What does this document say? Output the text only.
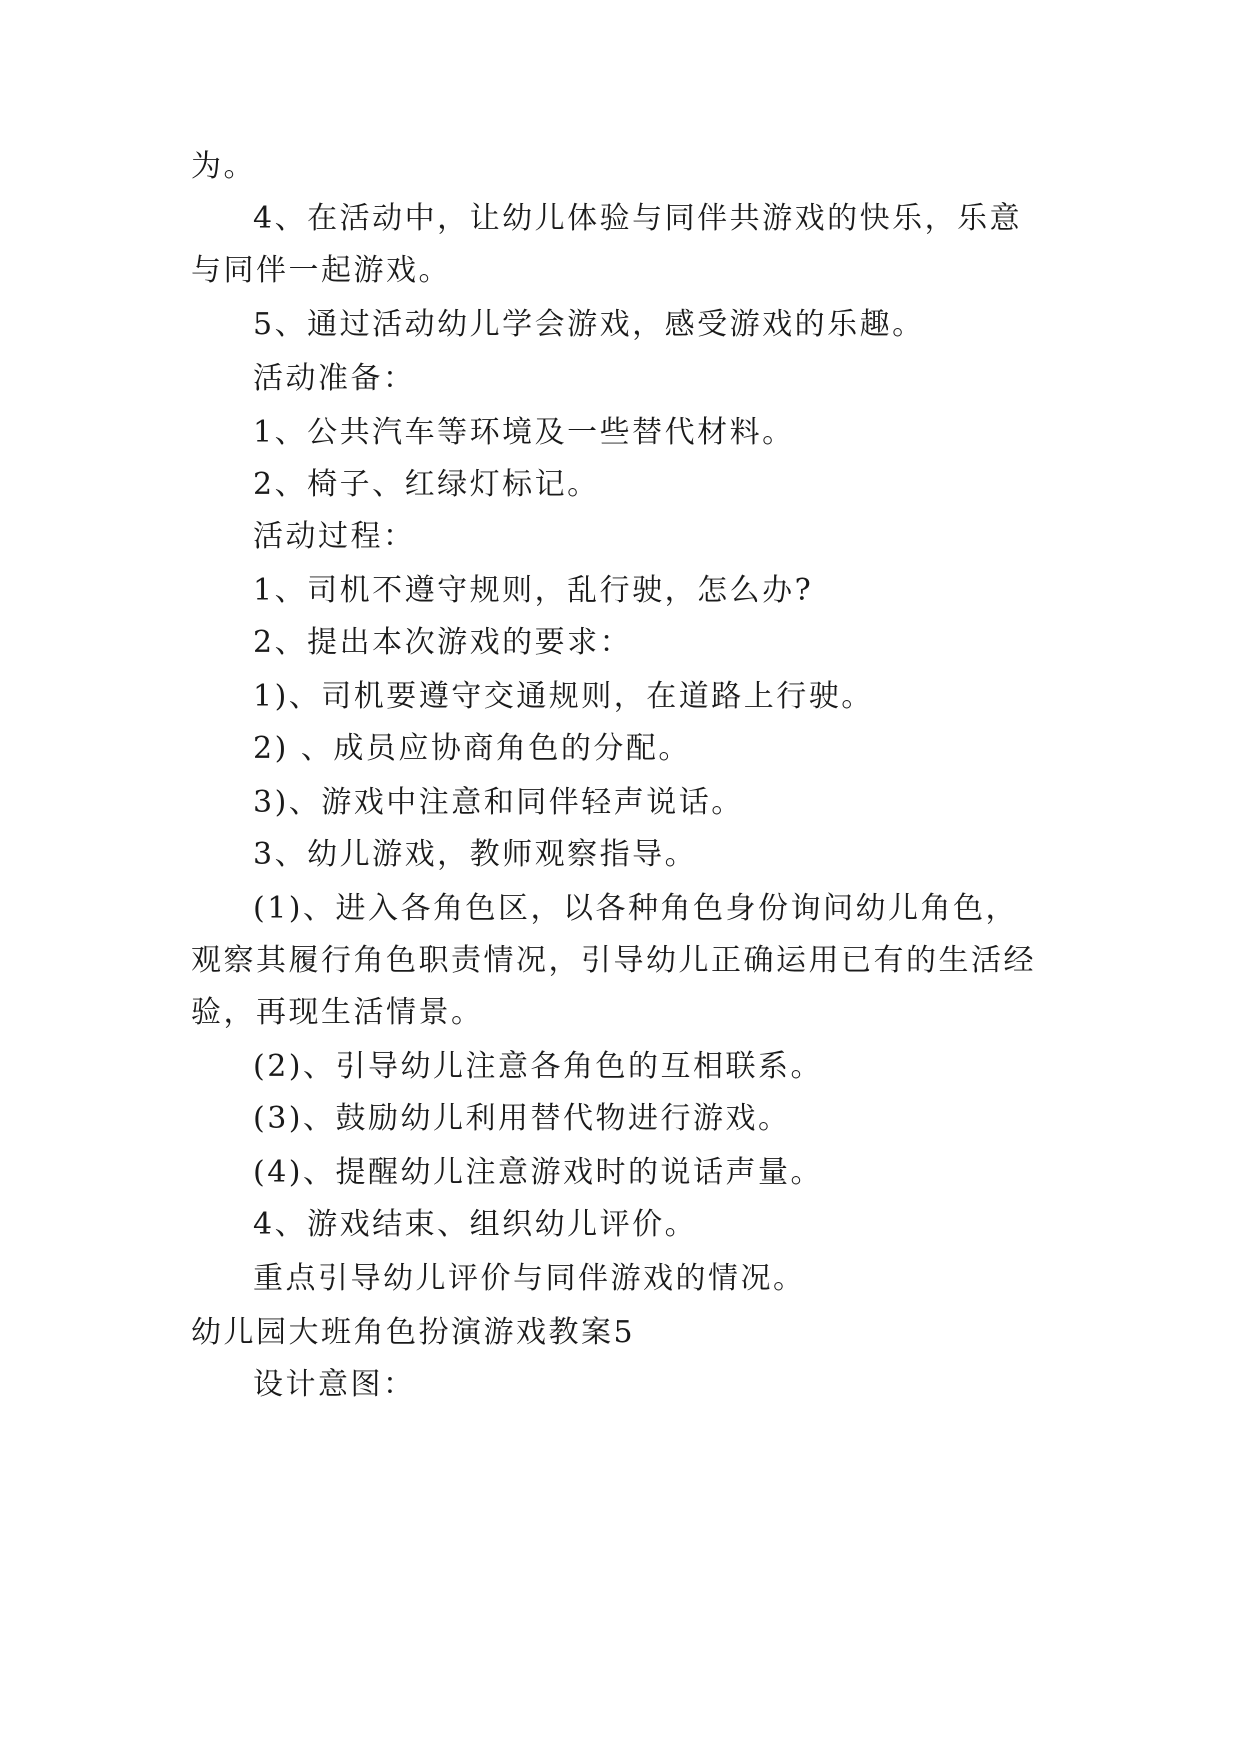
为。

4、在活动中，让幼儿体验与同伴共游戏的快乐，乐意

与同伴一起游戏。

5、通过活动幼儿学会游戏，感受游戏的乐趣。

活动准备：

1、公共汽车等环境及一些替代材料。

2、椅子、红绿灯标记。

活动过程：

1、司机不遵守规则，乱行驶，怎么办?

2、提出本次游戏的要求：

1)、司机要遵守交通规则，在道路上行驶。

2) 、成员应协商角色的分配。

3)、游戏中注意和同伴轻声说话。

3、幼儿游戏，教师观察指导。

(1)、进入各角色区，以各种角色身份询问幼儿角色，

观察其履行角色职责情况，引导幼儿正确运用已有的生活经

验，再现生活情景。

(2)、引导幼儿注意各角色的互相联系。

(3)、鼓励幼儿利用替代物进行游戏。

(4)、提醒幼儿注意游戏时的说话声量。

4、游戏结束、组织幼儿评价。

重点引导幼儿评价与同伴游戏的情况。

幼儿园大班角色扮演游戏教案5

设计意图：
